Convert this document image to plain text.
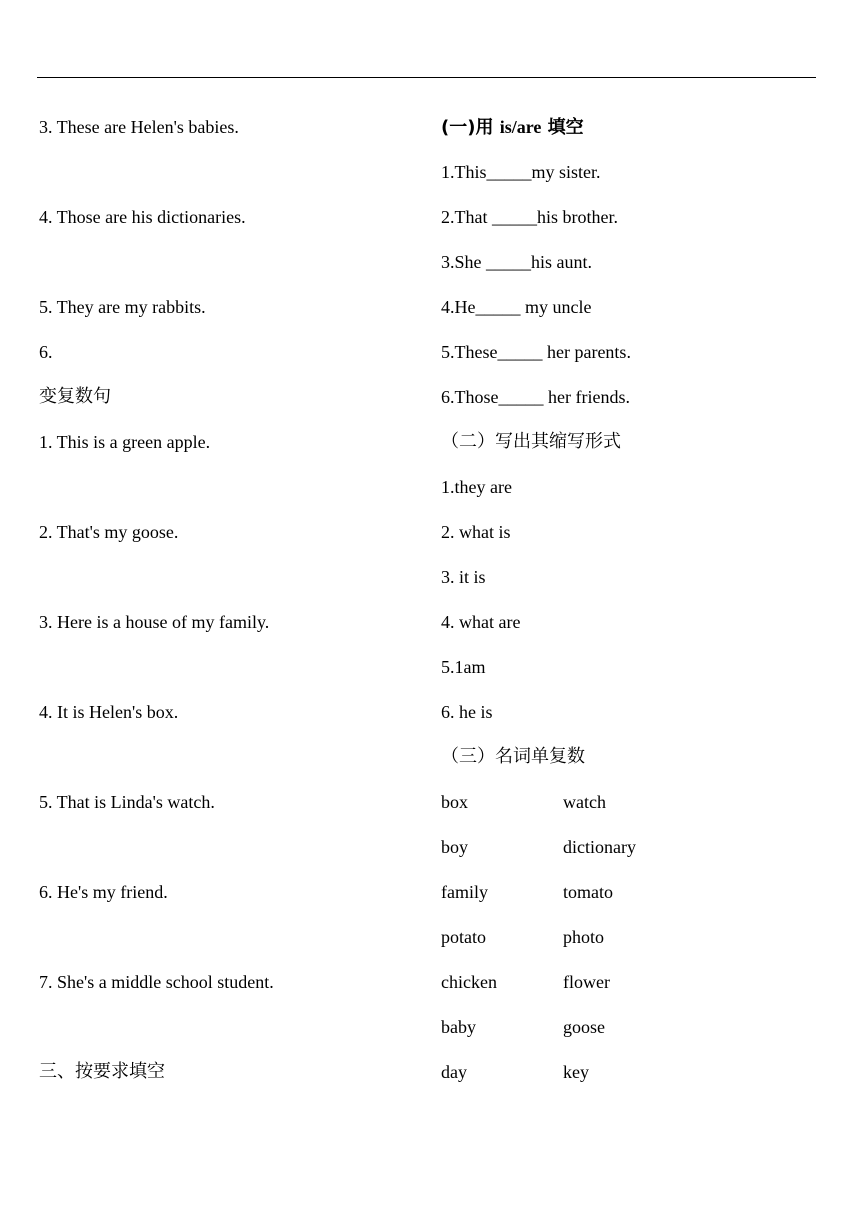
3. These are Helen's babies.
4. Those are his dictionaries.
5. They are my rabbits.
6.
变复数句
1. This is a green apple.
2. That's my goose.
3. Here is a house of my family.
4. It is Helen's box.
5. That is Linda's watch.
6. He's my friend.
7. She's a middle school student.
三、按要求填空
(一)用 is/are 填空
1.This_____my sister.
2.That _____his brother.
3.She _____his aunt.
4.He_____ my uncle
5.These_____ her parents.
6.Those_____ her friends.
（二）写出其缩写形式
1.they are
2. what is
3. it is
4. what are
5.1am
6. he is
（三）名词单复数
box	watch
boy	dictionary
family	tomato
potato	photo
chicken	flower
baby	goose
day	key
